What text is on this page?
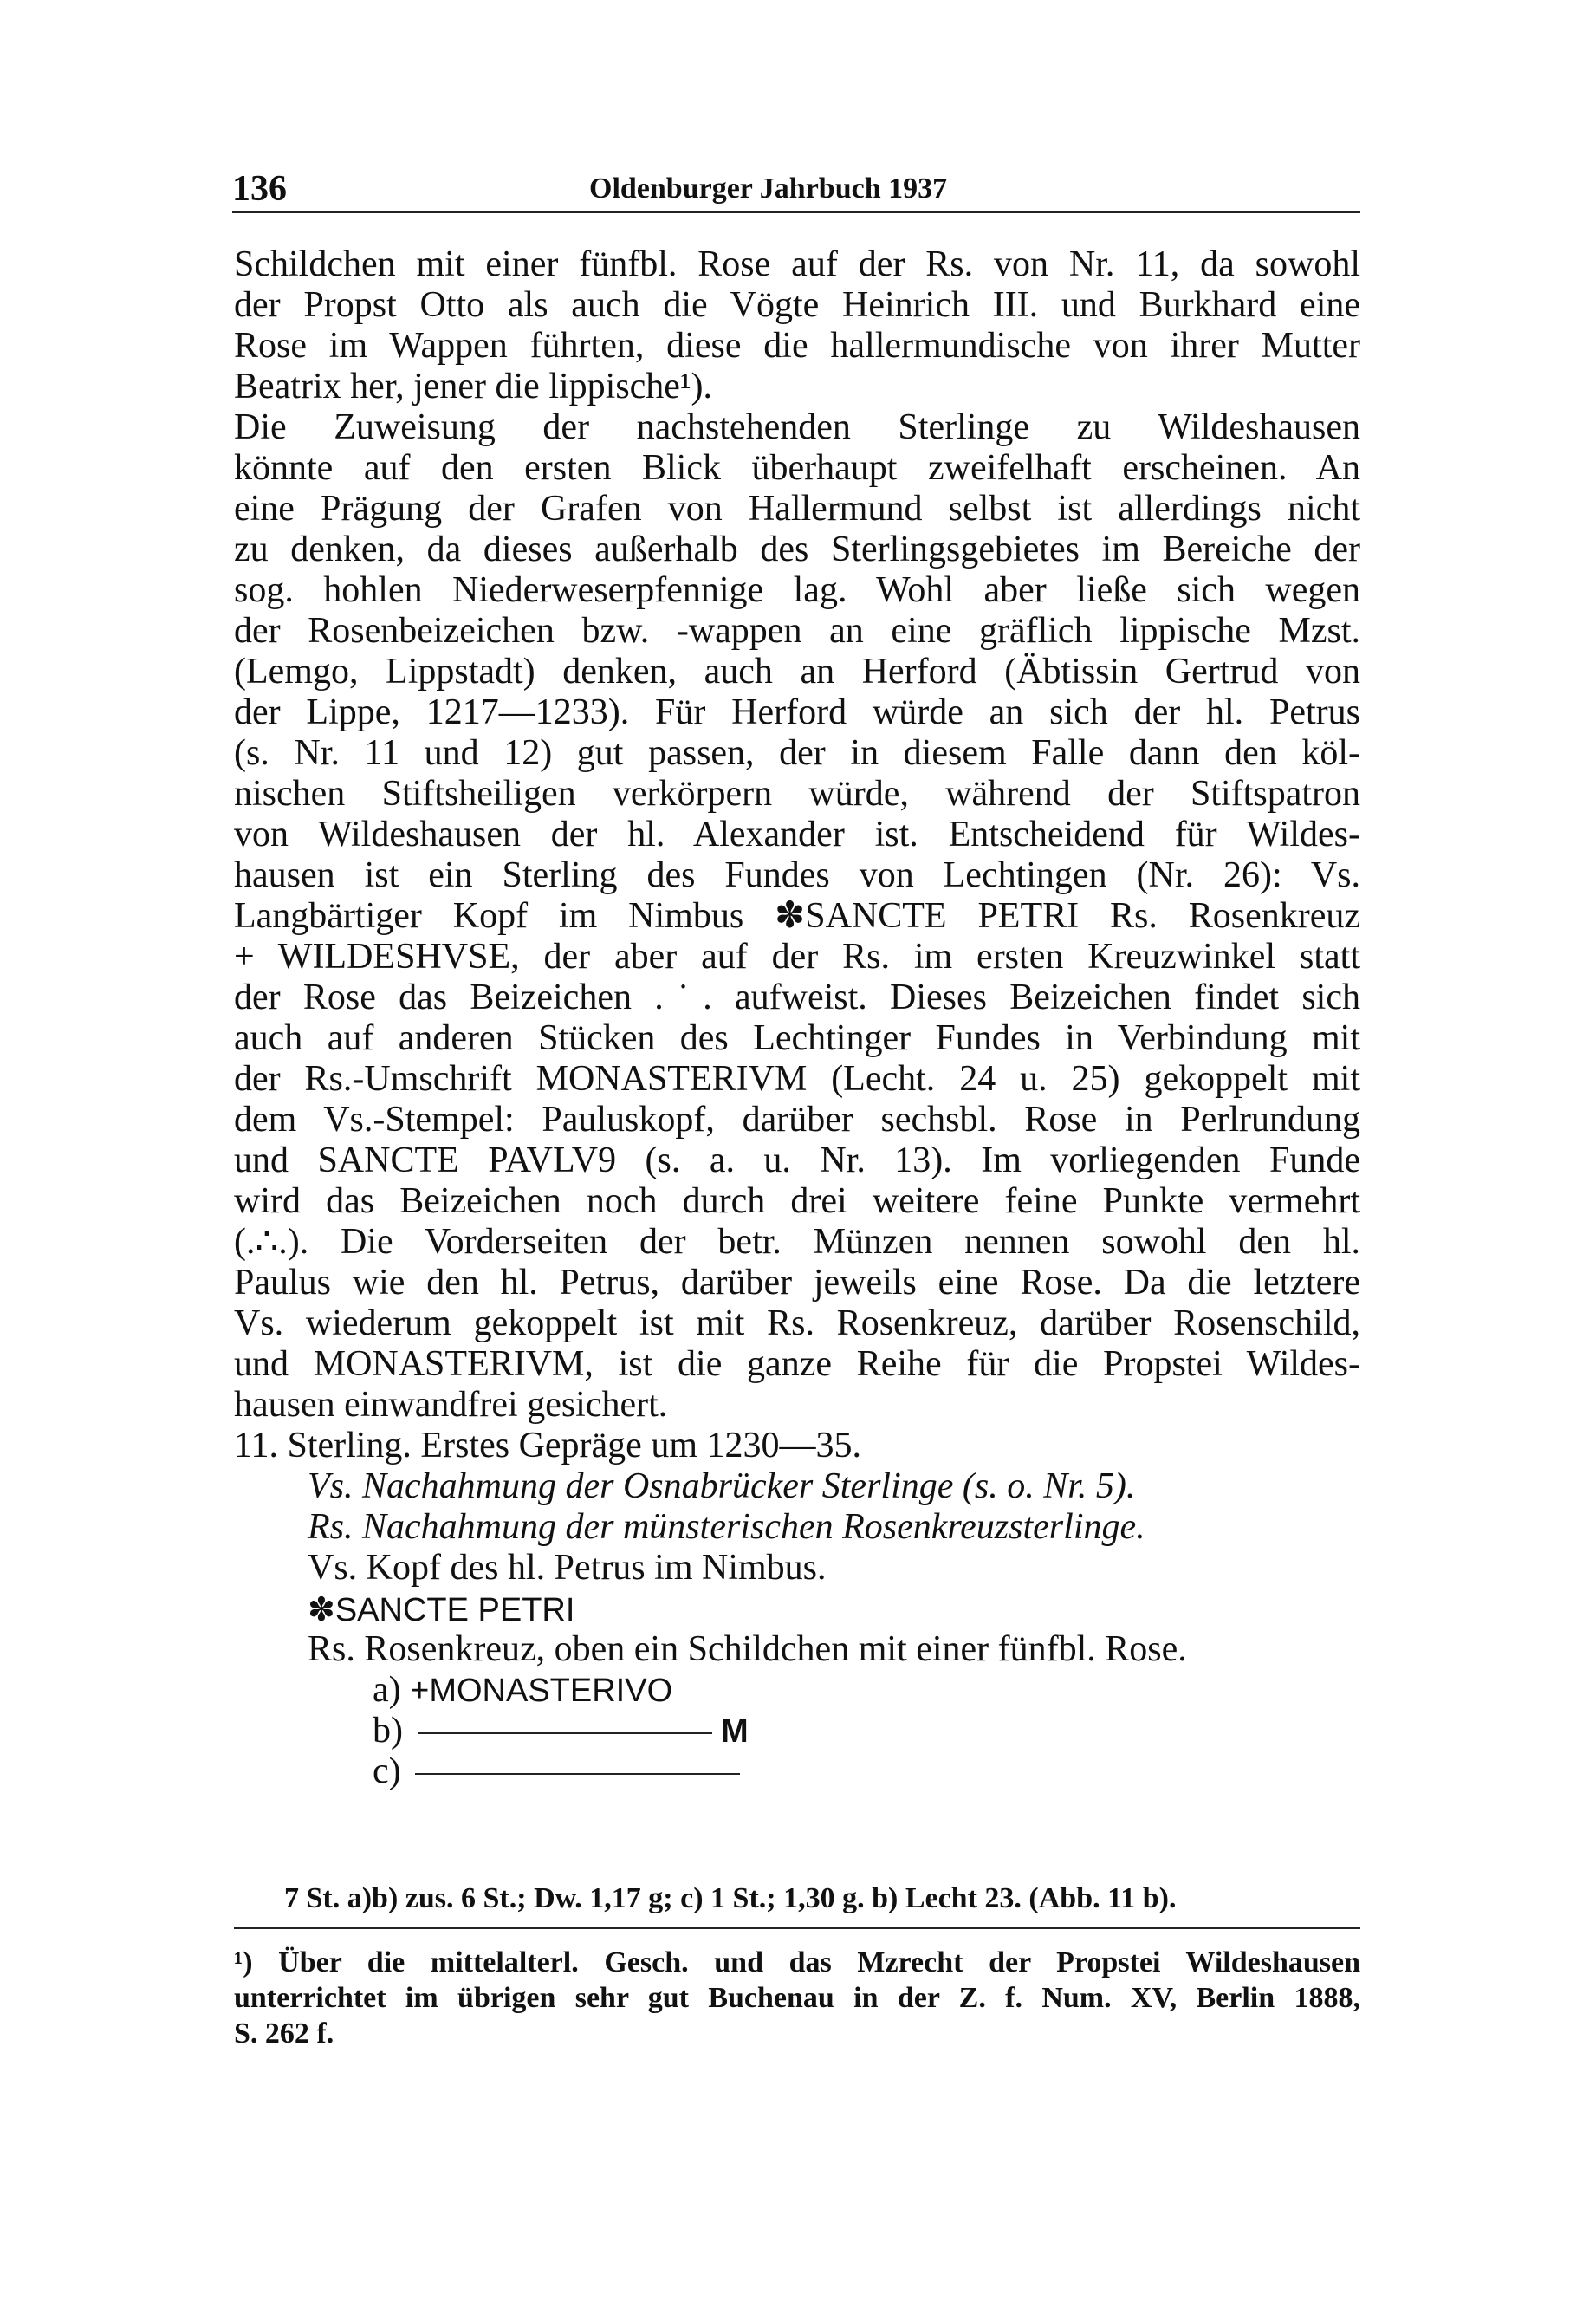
136	Oldenburger Jahrbuch 1937
Schildchen mit einer fünfbl. Rose auf der Rs. von Nr. 11, da sowohl
der Propst Otto als auch die Vögte Heinrich III. und Burkhard eine
Rose im Wappen führten, diese die hallermundische von ihrer Mutter
Beatrix her, jener die lippische¹).
Die Zuweisung der nachstehenden Sterlinge zu Wildeshausen
könnte auf den ersten Blick überhaupt zweifelhaft erscheinen. An
eine Prägung der Grafen von Hallermund selbst ist allerdings nicht
zu denken, da dieses außerhalb des Sterlingsgebietes im Bereiche der
sog. hohlen Niederweserpfennige lag. Wohl aber ließe sich wegen
der Rosenbeizeichen bzw. -wappen an eine gräflich lippische Mzst.
(Lemgo, Lippstadt) denken, auch an Herford (Äbtissin Gertrud von
der Lippe, 1217—1233). Für Herford würde an sich der hl. Petrus
(s. Nr. 11 und 12) gut passen, der in diesem Falle dann den köl-
nischen Stiftsheiligen verkörpern würde, während der Stiftspatron
von Wildeshausen der hl. Alexander ist. Entscheidend für Wildes-
hausen ist ein Sterling des Fundes von Lechtingen (Nr. 26): Vs.
Langbärtiger Kopf im Nimbus ✽SANCTE PETRI Rs. Rosenkreuz
+ WILDESHVSE, der aber auf der Rs. im ersten Kreuzwinkel statt
der Rose das Beizeichen .˙. aufweist. Dieses Beizeichen findet sich
auch auf anderen Stücken des Lechtinger Fundes in Verbindung mit
der Rs.-Umschrift MONASTERIVM (Lecht. 24 u. 25) gekoppelt mit
dem Vs.-Stempel: Pauluskopf, darüber sechsbl. Rose in Perlrundung
und SANCTE PAVLV9 (s. a. u. Nr. 13). Im vorliegenden Funde
wird das Beizeichen noch durch drei weitere feine Punkte vermehrt
(.∴.). Die Vorderseiten der betr. Münzen nennen sowohl den hl.
Paulus wie den hl. Petrus, darüber jeweils eine Rose. Da die letztere
Vs. wiederum gekoppelt ist mit Rs. Rosenkreuz, darüber Rosenschild,
und MONASTERIVM, ist die ganze Reihe für die Propstei Wildes-
hausen einwandfrei gesichert.
11. Sterling. Erstes Gepräge um 1230—35.
Vs. Nachahmung der Osnabrücker Sterlinge (s. o. Nr. 5).
Rs. Nachahmung der münsterischen Rosenkreuzsterlinge.
Vs. Kopf des hl. Petrus im Nimbus.
✽SANCTE PETRI
Rs. Rosenkreuz, oben ein Schildchen mit einer fünfbl. Rose.
a) +MONASTERIVO
b)	M
c)
7 St. a)b) zus. 6 St.; Dw. 1,17 g; c) 1 St.; 1,30 g. b) Lecht 23. (Abb. 11 b).
¹) Über die mittelalterl. Gesch. und das Mzrecht der Propstei Wildeshausen
unterrichtet im übrigen sehr gut Buchenau in der Z. f. Num. XV, Berlin 1888,
S. 262 f.
